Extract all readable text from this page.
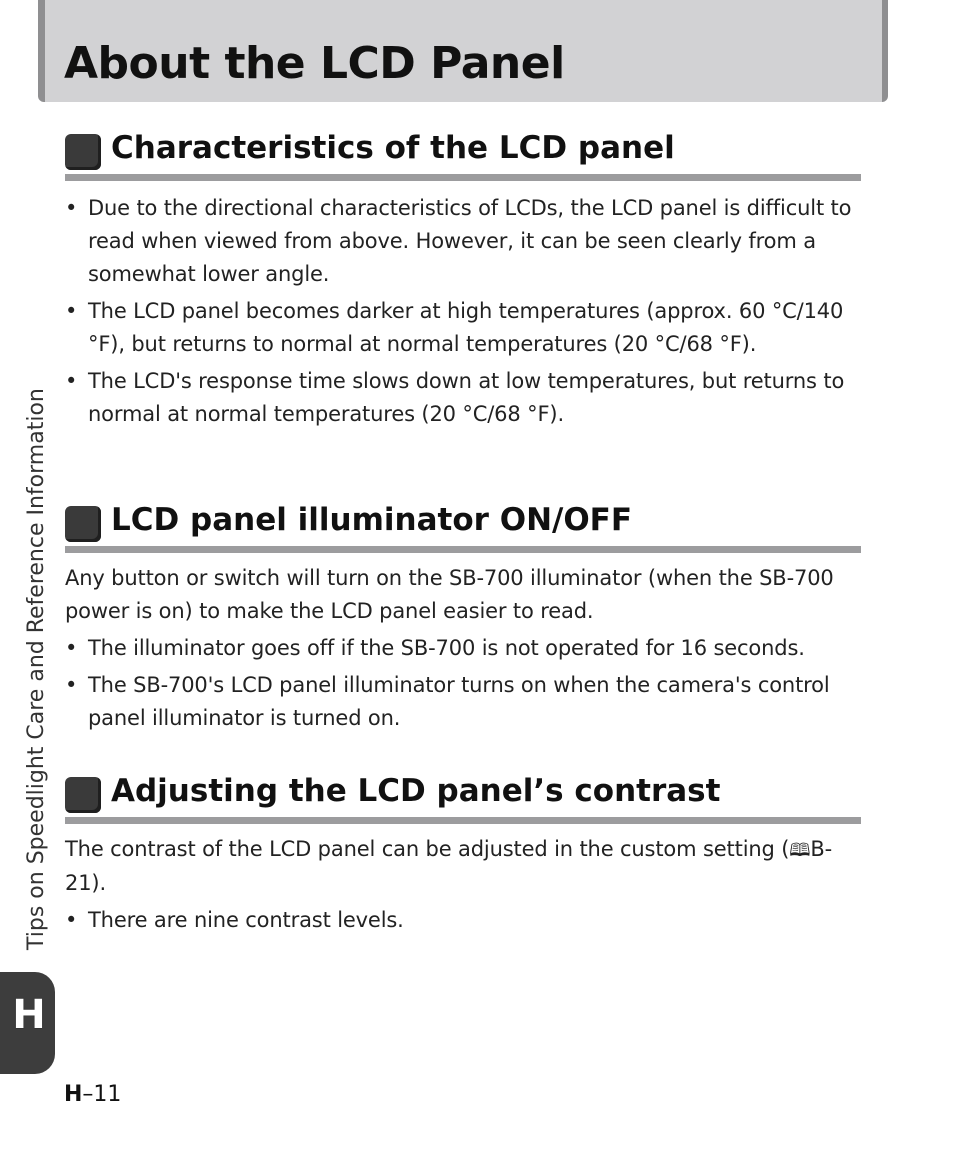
About the LCD Panel
Characteristics of the LCD panel
• Due to the directional characteristics of LCDs, the LCD panel is difficult to read when viewed from above. However, it can be seen clearly from a somewhat lower angle.
• The LCD panel becomes darker at high temperatures (approx. 60 °C/140 °F), but returns to normal at normal temperatures (20 °C/68 °F).
• The LCD's response time slows down at low temperatures, but returns to normal at normal temperatures (20 °C/68 °F).
LCD panel illuminator ON/OFF

Any button or switch will turn on the SB-700 illuminator (when the SB-700 power is on) to make the LCD panel easier to read.

• The illuminator goes off if the SB-700 is not operated for 16 seconds.
• The SB-700's LCD panel illuminator turns on when the camera's control panel illuminator is turned on.
Adjusting the LCD panel’s contrast

The contrast of the LCD panel can be adjusted in the custom setting (🕮B-21).

• There are nine contrast levels.
Tips on Speedlight Care and Reference Information
H
H–11
